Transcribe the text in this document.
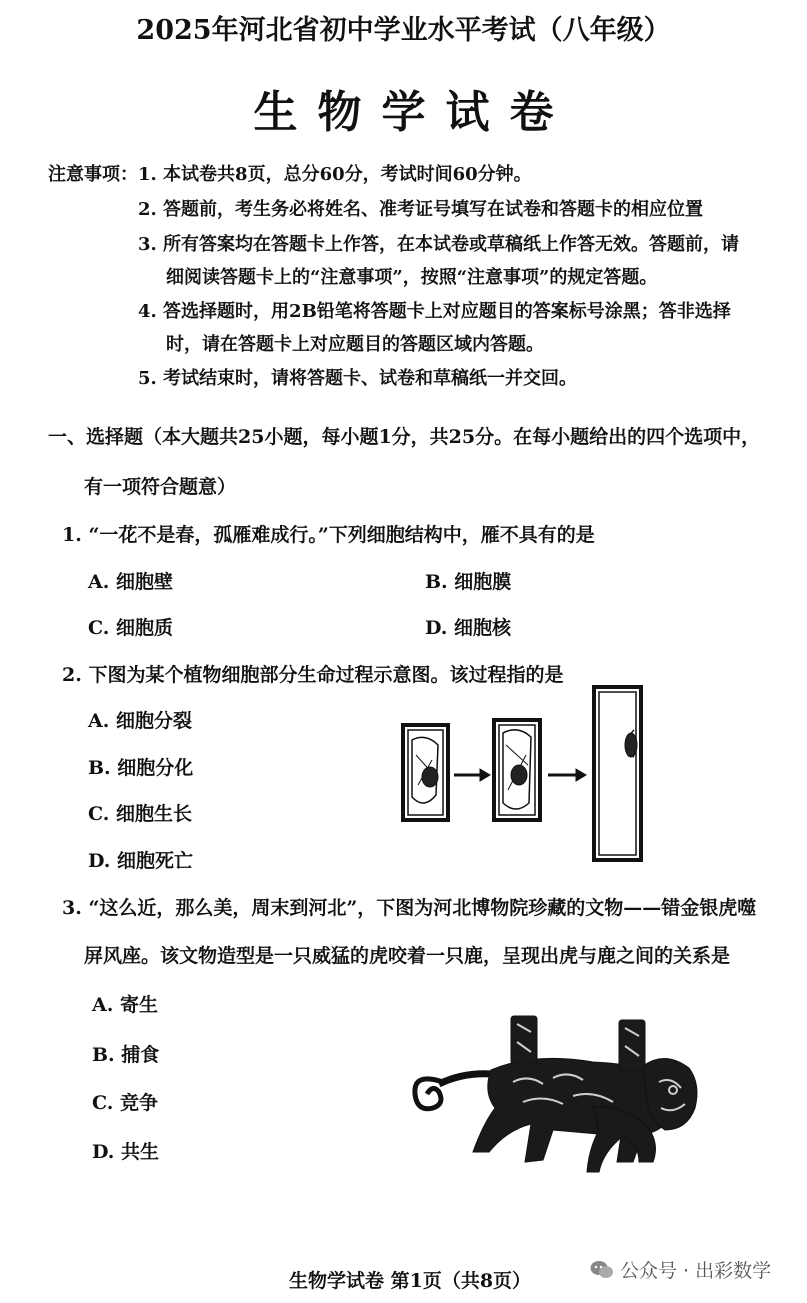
2025年河北省初中学业水平考试（八年级）
生物学试卷
注意事项： 1. 本试卷共8页，总分60分，考试时间60分钟。
2. 答题前，考生务必将姓名、准考证号填写在试卷和答题卡的相应位置
3. 所有答案均在答题卡上作答，在本试卷或草稿纸上作答无效。答题前，请
细阅读答题卡上的“注意事项”，按照“注意事项”的规定答题。
4. 答选择题时，用2B铅笔将答题卡上对应题目的答案标号涂黑；答非选择
时，请在答题卡上对应题目的答题区域内答题。
5. 考试结束时，请将答题卡、试卷和草稿纸一并交回。
一、选择题（本大题共25小题，每小题1分，共25分。在每小题给出的四个选项中，
有一项符合题意）
1. “一花不是春，孤雁难成行。”下列细胞结构中，雁不具有的是
A. 细胞壁	B. 细胞膜
C. 细胞质	D. 细胞核
2. 下图为某个植物细胞部分生命过程示意图。该过程指的是
A. 细胞分裂
B. 细胞分化
C. 细胞生长
D. 细胞死亡
3. “这么近，那么美，周末到河北”，下图为河北博物院珍藏的文物——错金银虎噬
屏风座。该文物造型是一只威猛的虎咬着一只鹿，呈现出虎与鹿之间的关系是
A. 寄生
B. 捕食
C. 竞争
D. 共生
生物学试卷 第1页（共8页）	公众号 · 出彩数学
